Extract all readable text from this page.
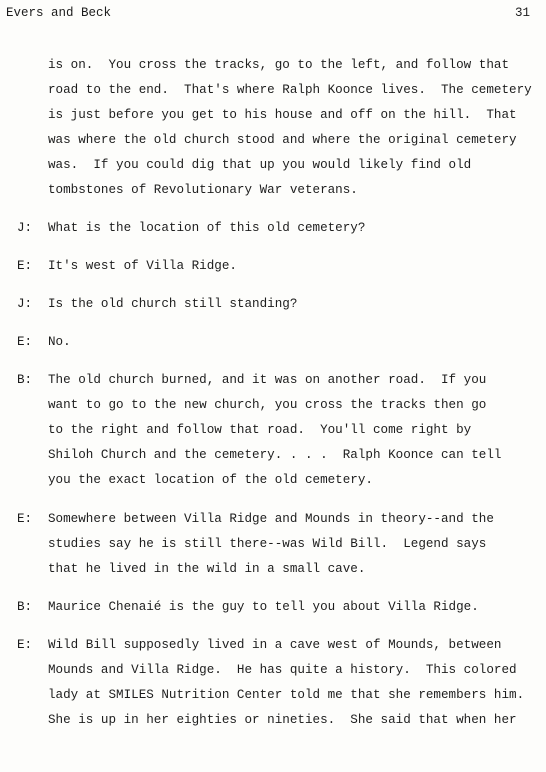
Evers and Beck	31
is on.  You cross the tracks, go to the left, and follow that
road to the end.  That's where Ralph Koonce lives.  The cemetery
is just before you get to his house and off on the hill.  That
was where the old church stood and where the original cemetery
was.  If you could dig that up you would likely find old
tombstones of Revolutionary War veterans.
J: What is the location of this old cemetery?
E: It's west of Villa Ridge.
J: Is the old church still standing?
E: No.
B: The old church burned, and it was on another road.  If you
want to go to the new church, you cross the tracks then go
to the right and follow that road.  You'll come right by
Shiloh Church and the cemetery. . . .  Ralph Koonce can tell
you the exact location of the old cemetery.
E: Somewhere between Villa Ridge and Mounds in theory--and the
studies say he is still there--was Wild Bill.  Legend says
that he lived in the wild in a small cave.
B: Maurice Chenaié is the guy to tell you about Villa Ridge.
E: Wild Bill supposedly lived in a cave west of Mounds, between
Mounds and Villa Ridge.  He has quite a history.  This colored
lady at SMILES Nutrition Center told me that she remembers him.
She is up in her eighties or nineties.  She said that when her
